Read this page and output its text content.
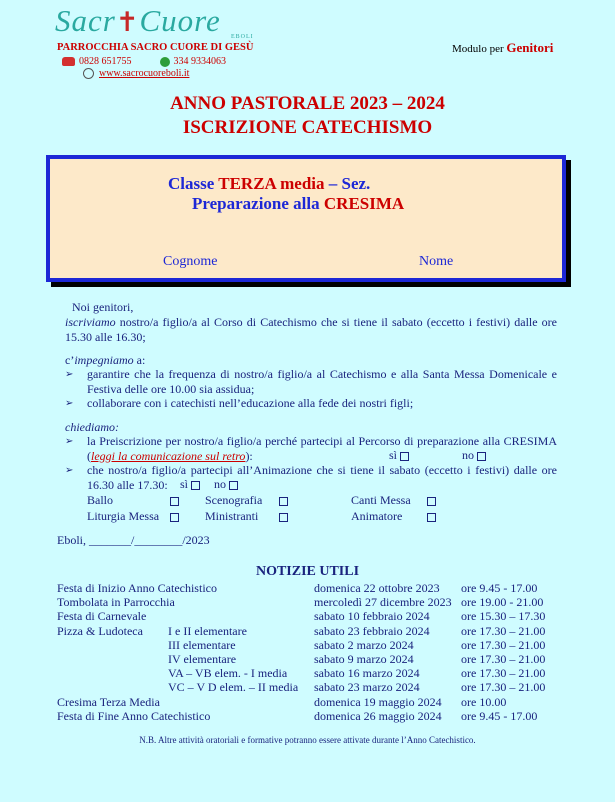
Sacr✝Cuore EBOLI
PARROCCHIA SACRO CUORE DI GESÙ
0828 651755	334 9334063
www.sacrocuoreboli.it
Modulo per Genitori
ANNO PASTORALE 2023 – 2024
ISCRIZIONE CATECHISMO
Classe TERZA media – Sez.
Preparazione alla CRESIMA
Cognome	Nome
Noi genitori,
iscriviamo nostro/a figlio/a al Corso di Catechismo che si tiene il sabato (eccetto i festivi) dalle ore 15.30 alle 16.30;
c’impegniamo a:
➢	garantire che la frequenza di nostro/a figlio/a al Catechismo e alla Santa Messa Domenicale e Festiva delle ore 10.00 sia assidua;
➢	collaborare con i catechisti nell’educazione alla fede dei nostri figli;
chiediamo:
➢	la Preiscrizione per nostro/a figlio/a perché partecipi al Percorso di preparazione alla CRESIMA (leggi la comunicazione sul retro):	sì	no
➢	che nostro/a figlio/a partecipi all’Animazione che si tiene il sabato (eccetto i festivi) dalle ore 16.30 alle 17.30:	sì	no
Ballo	Scenografia	Canti Messa
Liturgia Messa	Ministranti	Animatore
Eboli, _______/________/2023
NOTIZIE UTILI
Festa di Inizio Anno Catechistico	domenica 22 ottobre 2023 ore 9.45 - 17.00
Tombolata in Parrocchia	mercoledì 27 dicembre 2023 ore 19.00 - 21.00
Festa di Carnevale	sabato 10 febbraio 2024	ore 15.30 – 17.30
Pizza & Ludoteca I e II elementare	sabato 23 febbraio 2024	ore 17.30 – 21.00
III elementare	sabato 2 marzo 2024	ore 17.30 – 21.00
IV elementare	sabato 9 marzo 2024	ore 17.30 – 21.00
VA – VB elem. - I media sabato 16 marzo 2024	ore 17.30 – 21.00
VC – V D elem. – II media sabato 23 marzo 2024	ore 17.30 – 21.00
Cresima Terza Media	domenica 19 maggio 2024 ore 10.00
Festa di Fine Anno Catechistico	domenica 26 maggio 2024 ore 9.45 - 17.00
N.B. Altre attività oratoriali e formative potranno essere attivate durante l’Anno Catechistico.
